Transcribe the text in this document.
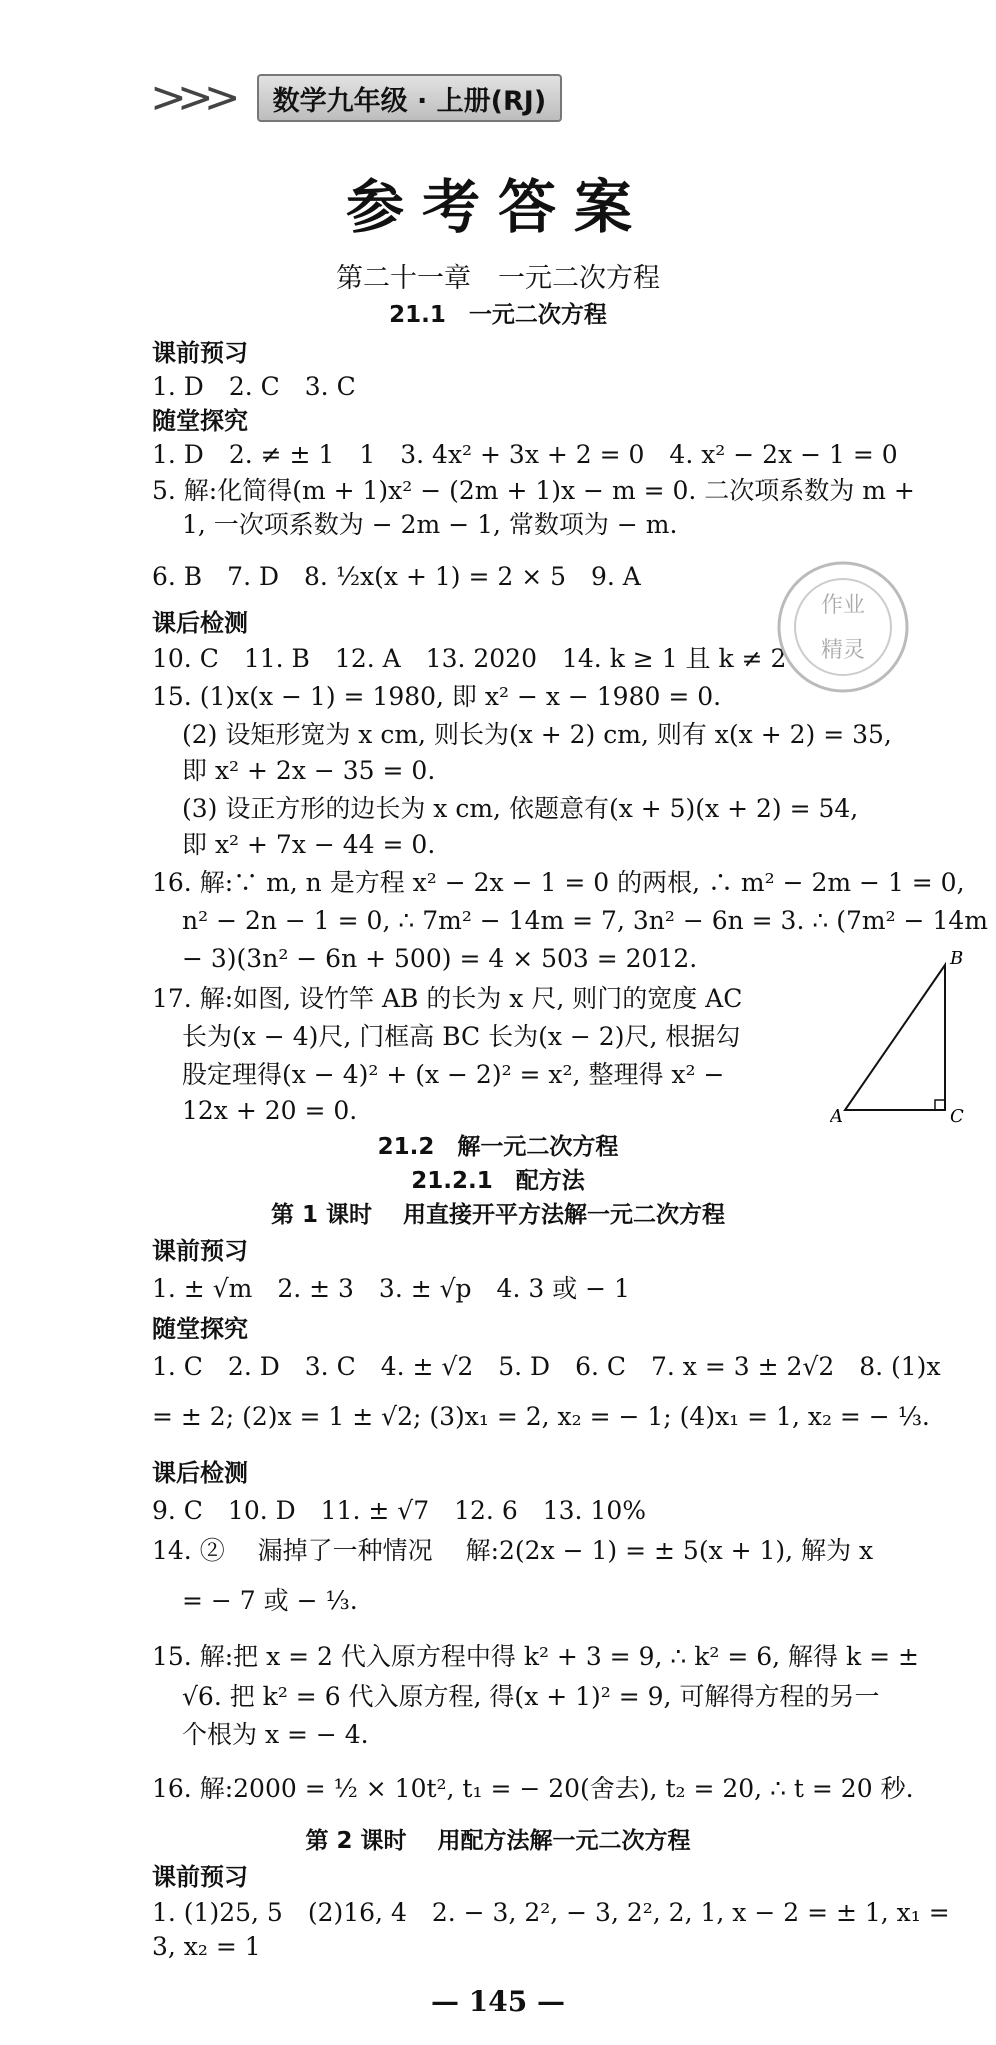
>>>	数学九年级 · 上册(RJ)
参考答案
第二十一章　一元二次方程
21.1　一元二次方程
课前预习
1. D　2. C　3. C
随堂探究
1. D　2. ≠ ± 1　1　3. 4x² + 3x + 2 = 0　4. x² − 2x − 1 = 0
5. 解:化简得(m + 1)x² − (2m + 1)x − m = 0. 二次项系数为 m +
1, 一次项系数为 − 2m − 1, 常数项为 − m.
6. B　7. D　8. ½x(x + 1) = 2 × 5　9. A
课后检测
10. C　11. B　12. A　13. 2020　14. k ≥ 1 且 k ≠ 2
15. (1)x(x − 1) = 1980, 即 x² − x − 1980 = 0.
(2) 设矩形宽为 x cm, 则长为(x + 2) cm, 则有 x(x + 2) = 35,
即 x² + 2x − 35 = 0.
(3) 设正方形的边长为 x cm, 依题意有(x + 5)(x + 2) = 54,
即 x² + 7x − 44 = 0.
16. 解:∵ m, n 是方程 x² − 2x − 1 = 0 的两根, ∴ m² − 2m − 1 = 0,
n² − 2n − 1 = 0, ∴ 7m² − 14m = 7, 3n² − 6n = 3. ∴ (7m² − 14m
− 3)(3n² − 6n + 500) = 4 × 503 = 2012.
17. 解:如图, 设竹竿 AB 的长为 x 尺, 则门的宽度 AC
长为(x − 4)尺, 门框高 BC 长为(x − 2)尺, 根据勾
股定理得(x − 4)² + (x − 2)² = x², 整理得 x² −
12x + 20 = 0.
21.2　解一元二次方程
21.2.1　配方法
第 1 课时　 用直接开平方法解一元二次方程
课前预习
1. ± √m　2. ± 3　3. ± √p　4. 3 或 − 1
随堂探究
1. C　2. D　3. C　4. ± √2　5. D　6. C　7. x = 3 ± 2√2　8. (1)x
= ± 2; (2)x = 1 ± √2; (3)x₁ = 2, x₂ = − 1; (4)x₁ = 1, x₂ = − ⅓.
课后检测
9. C　10. D　11. ± √7　12. 6　13. 10%
14. ②　 漏掉了一种情况　 解:2(2x − 1) = ± 5(x + 1), 解为 x
= − 7 或 − ⅓.
15. 解:把 x = 2 代入原方程中得 k² + 3 = 9, ∴ k² = 6, 解得 k = ±
√6. 把 k² = 6 代入原方程, 得(x + 1)² = 9, 可解得方程的另一
个根为 x = − 4.
16. 解:2000 = ½ × 10t², t₁ = − 20(舍去), t₂ = 20, ∴ t = 20 秒.
第 2 课时　 用配方法解一元二次方程
课前预习
1. (1)25, 5　(2)16, 4　2. − 3, 2², − 3, 2², 2, 1, x − 2 = ± 1, x₁ =
3, x₂ = 1
— 145 —
作业
精灵
B
A	C
